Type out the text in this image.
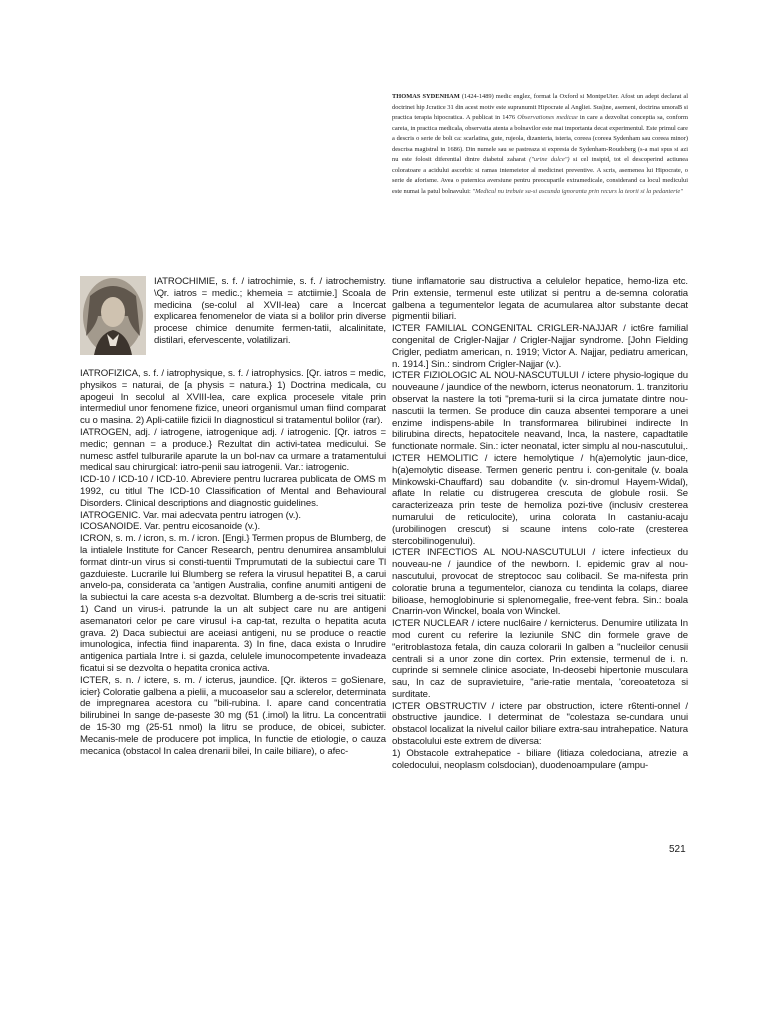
THOMAS SYDENHAM (1424-1489) medic englez, format la Oxford si MontpeUier. Afost un adept declarat al doctrinei hip Jcratice 31 din acest motiv este supranumit Hipocrate al Angliei. Sus|ine, asemeni, doctrina umoraB si practica terapia hipocratica. A publicat in 1476 Observationes medicae in care a dezvoltat conceptia sa, conform careia, in practica medicala, observatia atenta a bolnavilor este mai importanta decat experimentul. Este primul care a descris o serie de boli ca: scarlatina, gute, rujeola, dizanteria, isteria, coreea (coreea Sydenham sau coreea minor) descrisa magistral in 1686). Din numele sau se pastreaza si expresia de Sydenham-Roudsberg (s-a mai spus si azi nu este folosit diferential dintre diabetul zaharat ("urine dulce") si cel insipid, tot el descoperind actiunea coloratoare a acidului ascorbic si ramas intemeietor al medicinei preventive. A scris, asemenea lui Hipocrate, o serie de aforisme. Avea o puternica aversiune pentru preocuparile extramedicale, considerand ca locul medicului este numai la patul bolnavului: "Medicul nu trebuie sa-si ascunda ignoranta prin recurs la teorii si la pedanterie"

IATROCHIMIE, s. f. / iatrochimie, s. f. / iatrochemistry. \Qr. iatros = medic.; khemeia = atctiimie.] Scoala de medicina (se-colul al XVII-lea) care a Incercat explicarea fenomenelor de viata si a bolilor prin diverse procese chimice denumite fermen-tatii, alcalinitate, distilari, efervescente, volatilizari.

IATROFIZICA, s. f. / iatrophysique, s. f. / iatrophysics. [Qr. iatros = medic, physikos = naturai, de [a physis = natura.} 1) Doctrina medicala, cu apogeui In secolul al XVIII-lea, care explica procesele vitale prin intermediul unor fenomene fizice, uneori organismul uman fiind comparat cu o masina. 2) Apli-catiile fizicii In diagnosticul si tratamentul bolilor (rar).

IATROGEN, adj. / iatrogene, iatrogenique adj. / iatrogenic. [Qr. iatros = medic; gennan = a produce.} Rezultat din activi-tatea medicului. Se numesc astfel tulburarile aparute la un bol-nav ca urmare a tratamentului medical sau chirurgical: iatro-penii sau iatrogenii. Var.: iatrogenic.

ICD-10 / ICD-10 / ICD-10. Abreviere pentru lucrarea publicata de OMS m 1992, cu titlul The ICD-10 Classification of Mental and Behavioural Disorders. Clinical descriptions and diagnostic guidelines.

IATROGENIC. Var. mai adecvata pentru iatrogen (v.).

ICOSANOIDE. Var. pentru eicosanoide (v.).

ICRON, s. m. / icron, s. m. / icron. [Engi.} Termen propus de Blumberg, de la intialele Institute for Cancer Research, pentru denumirea ansamblului format dintr-un virus si consti-tuentii Tmprumutati de la subiectui care Tl gazduieste. Lucrarile lui Blumberg se refera la virusul hepatitei B, a carui anvelo-pa, considerata ca 'antigen Australia, confine anumiti antigeni de la subiectui la care acesta s-a dezvoltat. Blumberg a de-scris trei situatii: 1) Cand un virus-i. patrunde la un alt subject care nu are antigeni asemanatori celor pe care virusul i-a cap-tat, rezulta o hepatita acuta grava. 2) Daca subiectui are aceiasi antigeni, nu se produce o reactie imunologica, infectia fiind inaparenta. 3) In fine, daca exista o Inrudire antigenica partiala Intre i. si gazda, celulele imunocompetente invadeaza ficatui si se dezvolta o hepatita cronica activa.

ICTER, s. n. / ictere, s. m. / icterus, jaundice. [Qr. ikteros = goSienare, icier} Coloratie galbena a pielii, a mucoaselor sau a sclerelor, determinata de impregnarea acestora cu "bili-rubina. I. apare cand concentratia bilirubinei In sange de-paseste 30 mg (51 (.imol) la litru. La concentratii de 15-30 mg (25-51 nmol) la litru se produce, de obicei, subicter. Mecanis-mele de producere pot implica, In functie de etiologie, o cauza mecanica (obstacol In calea drenarii bilei, In caile biliare), o afec-

tiune inflamatorie sau distructiva a celulelor hepatice, hemo-liza etc. Prin extensie, termenul este utilizat si pentru a de-semna coloratia galbena a tegumentelor legata de acumularea altor substante decat pigmentii biliari.

ICTER FAMILIAL CONGENITAL CRIGLER-NAJJAR / ict6re familial congenital de Crigler-Najjar / Crigler-Najjar syndrome. [John Fielding Crigler, pediatm american, n. 1919; Victor A. Najjar, pediatru american, n. 1914.] Sin.: sindrom Crigler-Najjar (v.).

ICTER FIZIOLOGIC AL NOU-NASCUTULUI / ictere physio-logique du nouveaune / jaundice of the newborn, icterus neonatorum. 1. tranzitoriu observat la nastere la toti "prema-turii si la circa jumatate dintre nou-nascutii la termen. Se produce din cauza absentei temporare a unei enzime indispens-abile In transformarea bilirubinei indirecte In bilirubina directs, hepatocitele neavand, Inca, la nastere, capadtatile functionate normale. Sin.: icter neonatal, icter simplu al nou-nascutului,.

ICTER HEMOLITIC / ictere hemolytique / h(a)emolytic jaun-dice, h(a)emolytic disease. Termen generic pentru i. con-genitale (v. boala Minkowski-Chauffard) sau dobandite (v. sin-dromul Hayem-Widal), aflate In relatie cu distrugerea crescuta de globule rosii. Se caracterizeaza prin teste de hemoliza pozi-tive (inclusiv cresterea numarului de reticulocite), urina colorata In castaniu-acaju (urobilinogen crescut) si scaune intens colo-rate (cresterea stercobilinogenului).

ICTER INFECTIOS AL NOU-NASCUTULUI / ictere infectieux du nouveau-ne / jaundice of the newborn. I. epidemic grav al nou-nascutului, provocat de streptococ sau colibacil. Se ma-nifesta prin coloratie bruna a tegumentelor, cianoza cu tendinta la colaps, diaree bilioase, hemoglobinurie si splenomegalie, free-vent febra. Sin.: boala Cnarrin-von Winckel, boala von Winckel.

ICTER NUCLEAR / ictere nucl6aire / kernicterus. Denumire utilizata In mod curent cu referire la leziunile SNC din formele grave de "eritroblastoza fetala, din cauza colorarii In galben a "nucleilor cenusii centrali si a unor zone din cortex. Prin extensie, termenul de i. n. cuprinde si semnele clinice asociate, In-deosebi hipertonie musculara sau, In caz de supravietuire, "arie-ratie mentala, 'coreoatetoza si surditate.

ICTER OBSTRUCTIV / ictere par obstruction, ictere r6tenti-onnel / obstructive jaundice. I determinat de "colestaza se-cundara unui obstacol localizat la nivelul cailor biliare extra-sau intrahepatice. Natura obstacolului este extrem de diversa:

1) Obstacole extrahepatice - biliare (litiaza coledociana, atrezie a coledocului, neoplasm colsdocian), duodenoampulare (ampu-

521
